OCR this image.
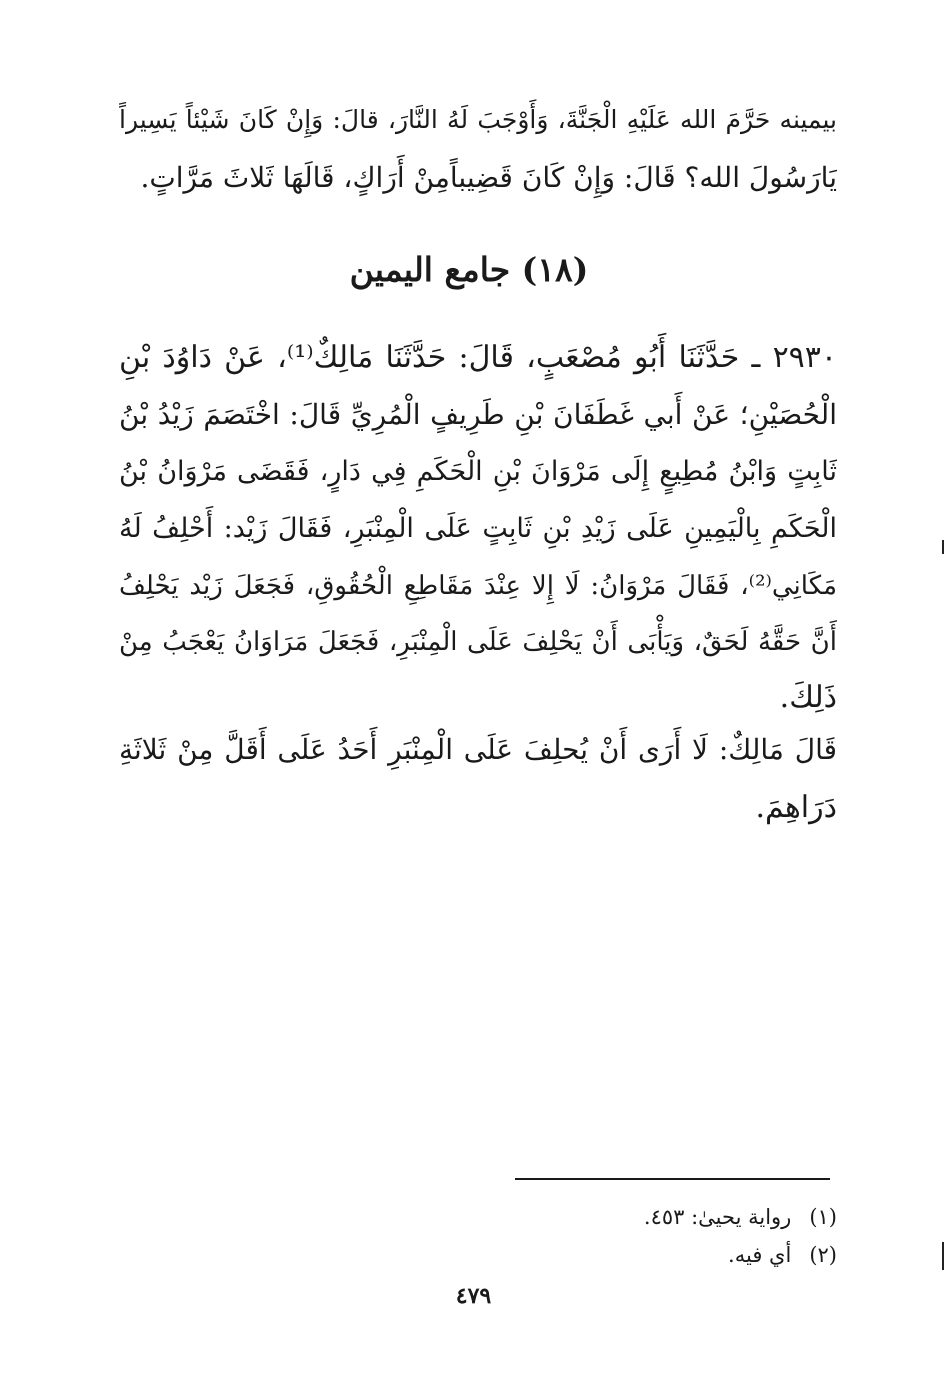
بيمينه حَرَّمَ الله عَلَيْهِ الْجَنَّةَ، وَأَوْجَبَ لَهُ النَّارَ، قالَ: وَإِنْ كَانَ شَيْئاً يَسِيراً
يَارَسُولَ الله؟ قَالَ: وَإِنْ كَانَ قَضِيباًمِنْ أَرَاكٍ، قَالَهَا ثَلاثَ مَرَّاتٍ.
(١٨) جامع اليمين
٢٩٣٠ ـ حَدَّثَنَا أَبُو مُصْعَبٍ، قَالَ: حَدَّثَنَا مَالِكٌ⁽¹⁾، عَنْ دَاوُدَ بْنِ
الْحُصَيْنِ؛ عَنْ أَبي غَطَفَانَ بْنِ طَرِيفٍ الْمُرِيِّ قَالَ: اخْتَصَمَ زَيْدُ بْنُ
ثَابِتٍ وَابْنُ مُطِيعٍ إِلَى مَرْوَانَ بْنِ الْحَكَمِ فِي دَارٍ، فَقَضَى مَرْوَانُ بْنُ
الْحَكَمِ بِالْيَمِينِ عَلَى زَيْدِ بْنِ ثَابِتٍ عَلَى الْمِنْبَرِ، فَقَالَ زَيْد: أَحْلِفُ لَهُ
مَكَانِي⁽²⁾، فَقَالَ مَرْوَانُ: لَا إِلا عِنْدَ مَقَاطِعِ الْحُقُوقِ، فَجَعَلَ زَيْد يَحْلِفُ
أَنَّ حَقَّهُ لَحَقٌ، وَيَأْبَى أَنْ يَحْلِفَ عَلَى الْمِنْبَرِ، فَجَعَلَ مَرَاوَانُ يَعْجَبُ مِنْ
ذَلِكَ.
قَالَ مَالِكٌ: لَا أَرَى أَنْ يُحلِفَ عَلَى الْمِنْبَرِ أَحَدُ عَلَى أَقَلَّ مِنْ ثَلاثَةِ
دَرَاهِمَ.
(١)رواية يحيىٰ: ٤٥٣.
(٢)أي فيه.
٤٧٩
